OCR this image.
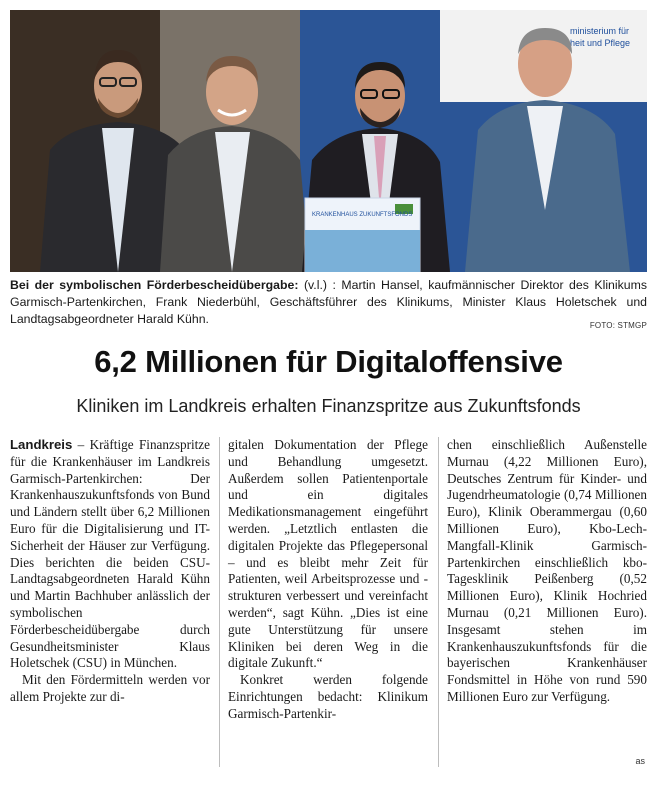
ministerium für
heit und Pflege
KRANKENHAUS ZUKUNFTSFONDS
Bei der symbolischen Förderbescheidübergabe: (v.l.) : Martin Hansel, kaufmännischer Direktor des Klinikums Garmisch-Partenkirchen, Frank Niederbühl, Geschäftsführer des Klinikums, Minister Klaus Holetschek und Landtagsabgeordneter Harald Kühn.	FOTO: STMGP
6,2 Millionen für Digitaloffensive
Kliniken im Landkreis erhalten Finanzspritze aus Zukunftsfonds

Landkreis – Kräftige Finanzspritze für die Krankenhäuser im Landkreis Garmisch-Partenkirchen: Der Krankenhauszukunftsfonds von Bund und Ländern stellt über 6,2 Millionen Euro für die Digitalisierung und IT-Sicherheit der Häuser zur Verfügung. Dies berichten die beiden CSU-Landtagsabgeordneten Harald Kühn und Martin Bachhuber anlässlich der symbolischen Förderbescheidübergabe durch Gesundheitsminister Klaus Holetschek (CSU) in München.

Mit den Fördermitteln werden vor allem Projekte zur di-

gitalen Dokumentation der Pflege und Behandlung umgesetzt. Außerdem sollen Patientenportale und ein digitales Medikationsmanagement eingeführt werden. „Letztlich entlasten die digitalen Projekte das Pflegepersonal – und es bleibt mehr Zeit für Patienten, weil Arbeitsprozesse und -strukturen verbessert und vereinfacht werden“, sagt Kühn. „Dies ist eine gute Unterstützung für unsere Kliniken bei deren Weg in die digitale Zukunft.“

Konkret werden folgende Einrichtungen bedacht: Klinikum Garmisch-Partenkir-

chen einschließlich Außenstelle Murnau (4,22 Millionen Euro), Deutsches Zentrum für Kinder- und Jugendrheumatologie (0,74 Millionen Euro), Klinik Oberammergau (0,60 Millionen Euro), Kbo-Lech-Mangfall-Klinik Garmisch-Partenkirchen einschließlich kbo-Tagesklinik Peißenberg (0,52 Millionen Euro), Klinik Hochried Murnau (0,21 Millionen Euro). Insgesamt stehen im Krankenhauszukunftsfonds für die bayerischen Krankenhäuser Fondsmittel in Höhe von rund 590 Millionen Euro zur Verfügung.

as
